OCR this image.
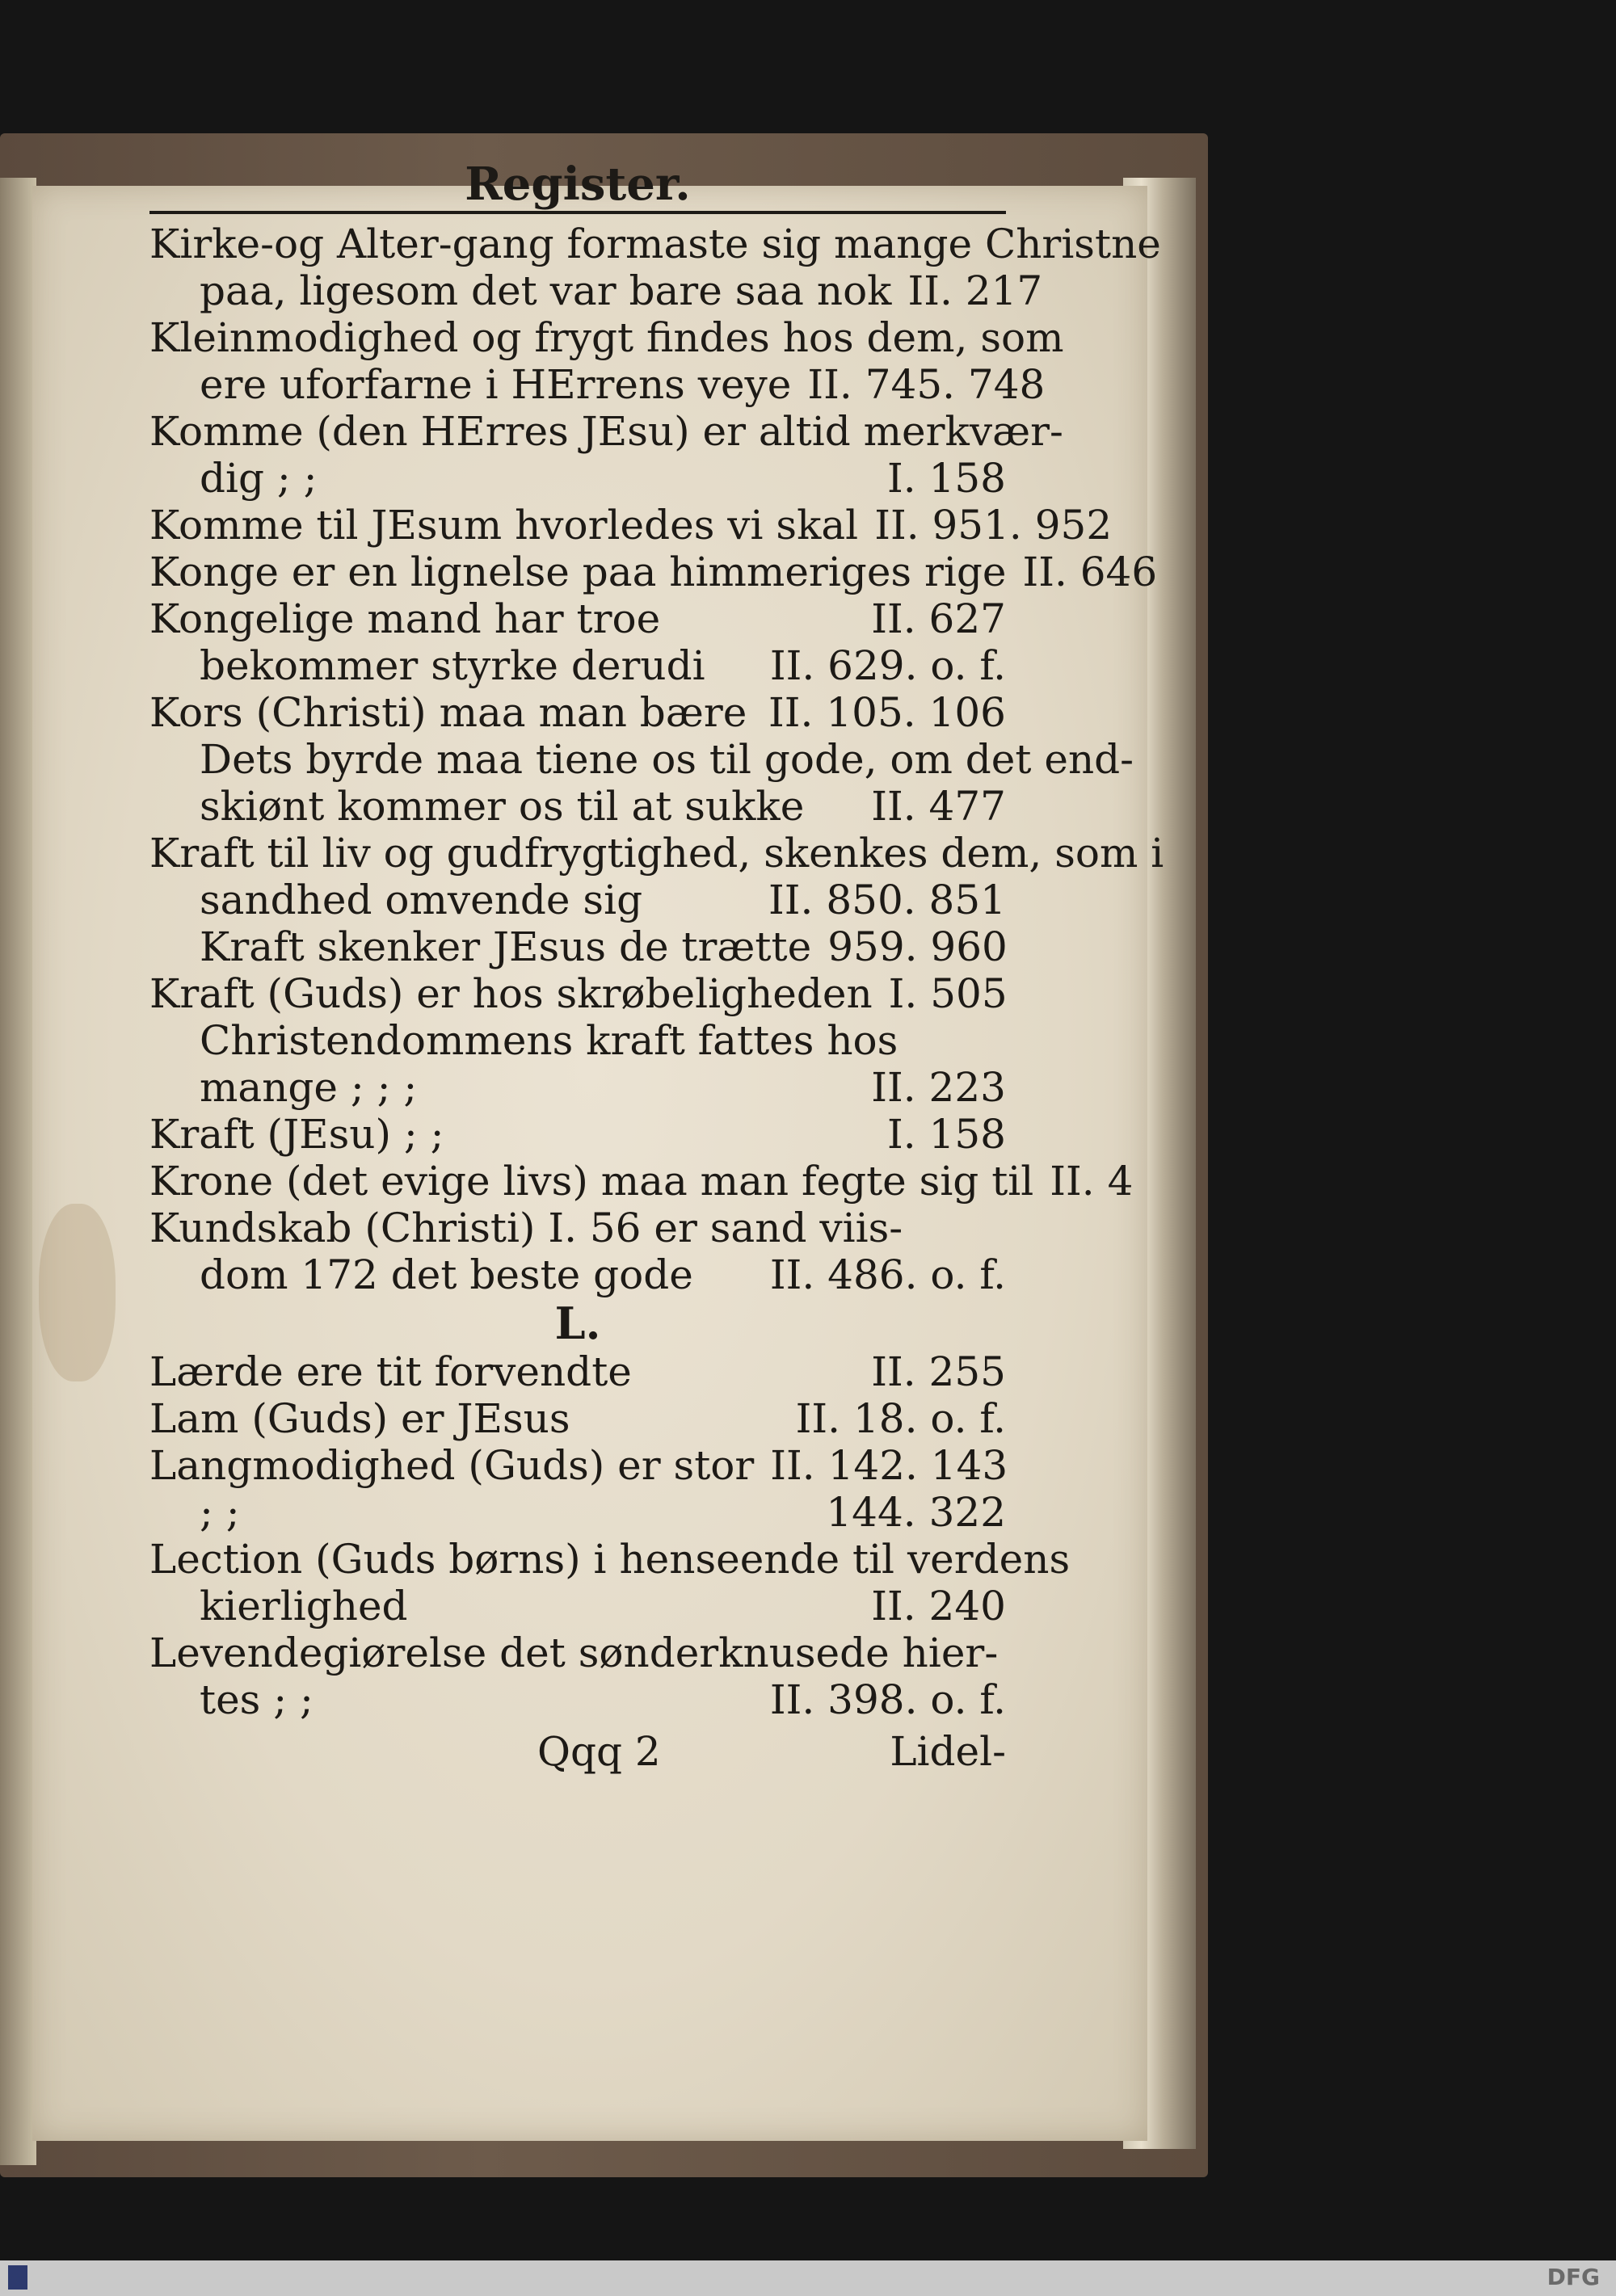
Register.
Kirke-og Alter-gang formaste sig mange Christne
paa, ligesom det var bare saa nok II. 217
Kleinmodighed og frygt findes hos dem, som
ere uforfarne i HErrens veye II. 745. 748
Komme (den HErres JEsu) er altid merkvær-
dig ; ;	I. 158
Komme til JEsum hvorledes vi skal II. 951. 952
Konge er en lignelse paa himmeriges rige II. 646
Kongelige mand har troe	II. 627
bekommer styrke derudi	II. 629. o. f.
Kors (Christi) maa man bære II. 105. 106
Dets byrde maa tiene os til gode, om det end-
skiønt kommer os til at sukke	II. 477
Kraft til liv og gudfrygtighed, skenkes dem, som i
sandhed omvende sig	II. 850. 851
Kraft skenker JEsus de trætte 959. 960
Kraft (Guds) er hos skrøbeligheden I. 505
Christendommens kraft fattes hos
mange ; ; ;	II. 223
Kraft (JEsu) ; ;	I. 158
Krone (det evige livs) maa man fegte sig til II. 4
Kundskab (Christi) I. 56 er sand viis-
dom 172 det beste gode	II. 486. o. f.
L.
Lærde ere tit forvendte	II. 255
Lam (Guds) er JEsus	II. 18. o. f.
Langmodighed (Guds) er stor II. 142. 143
; ;	144. 322
Lection (Guds børns) i henseende til verdens
kierlighed	II. 240
Levendegiørelse det sønderknusede hier-
tes ; ;	II. 398. o. f.
Qqq 2	Lidel-
DFG
